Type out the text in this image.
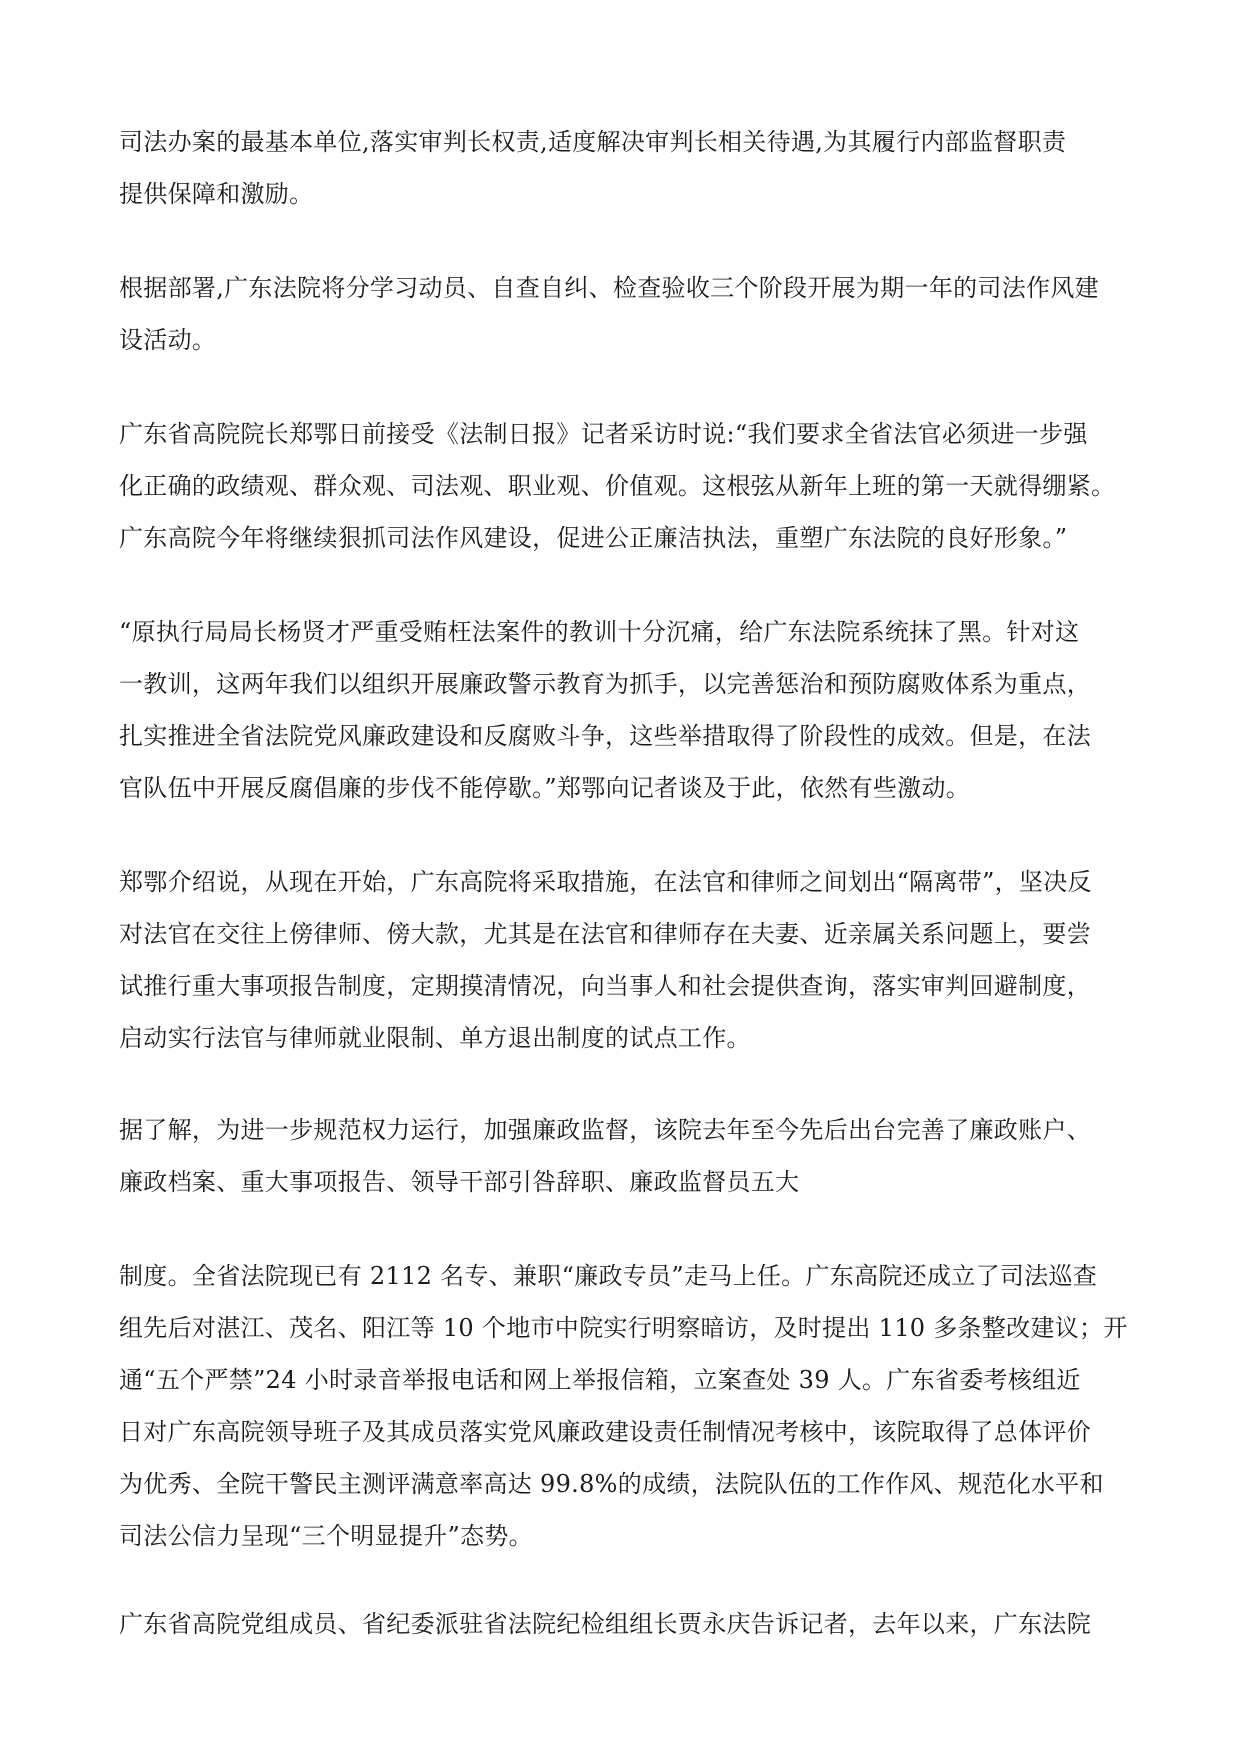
司法办案的最基本单位,落实审判长权责,适度解决审判长相关待遇,为其履行内部监督职责
提供保障和激励。

根据部署,广东法院将分学习动员、自查自纠、检查验收三个阶段开展为期一年的司法作风建
设活动。

广东省高院院长郑鄂日前接受《法制日报》记者采访时说:“我们要求全省法官必须进一步强
化正确的政绩观、群众观、司法观、职业观、价值观。这根弦从新年上班的第一天就得绷紧。
广东高院今年将继续狠抓司法作风建设，促进公正廉洁执法，重塑广东法院的良好形象。”

“原执行局局长杨贤才严重受贿枉法案件的教训十分沉痛，给广东法院系统抹了黑。针对这
一教训，这两年我们以组织开展廉政警示教育为抓手，以完善惩治和预防腐败体系为重点，
扎实推进全省法院党风廉政建设和反腐败斗争，这些举措取得了阶段性的成效。但是，在法
官队伍中开展反腐倡廉的步伐不能停歇。”郑鄂向记者谈及于此，依然有些激动。

郑鄂介绍说，从现在开始，广东高院将采取措施，在法官和律师之间划出“隔离带”，坚决反
对法官在交往上傍律师、傍大款，尤其是在法官和律师存在夫妻、近亲属关系问题上，要尝
试推行重大事项报告制度，定期摸清情况，向当事人和社会提供查询，落实审判回避制度，
启动实行法官与律师就业限制、单方退出制度的试点工作。

据了解，为进一步规范权力运行，加强廉政监督，该院去年至今先后出台完善了廉政账户、
廉政档案、重大事项报告、领导干部引咎辞职、廉政监督员五大

制度。全省法院现已有 2112 名专、兼职“廉政专员”走马上任。广东高院还成立了司法巡查
组先后对湛江、茂名、阳江等 10 个地市中院实行明察暗访，及时提出 110 多条整改建议；开
通“五个严禁”24 小时录音举报电话和网上举报信箱，立案查处 39 人。广东省委考核组近
日对广东高院领导班子及其成员落实党风廉政建设责任制情况考核中，该院取得了总体评价
为优秀、全院干警民主测评满意率高达 99.8%的成绩，法院队伍的工作作风、规范化水平和
司法公信力呈现“三个明显提升”态势。

广东省高院党组成员、省纪委派驻省法院纪检组组长贾永庆告诉记者，去年以来，广东法院
